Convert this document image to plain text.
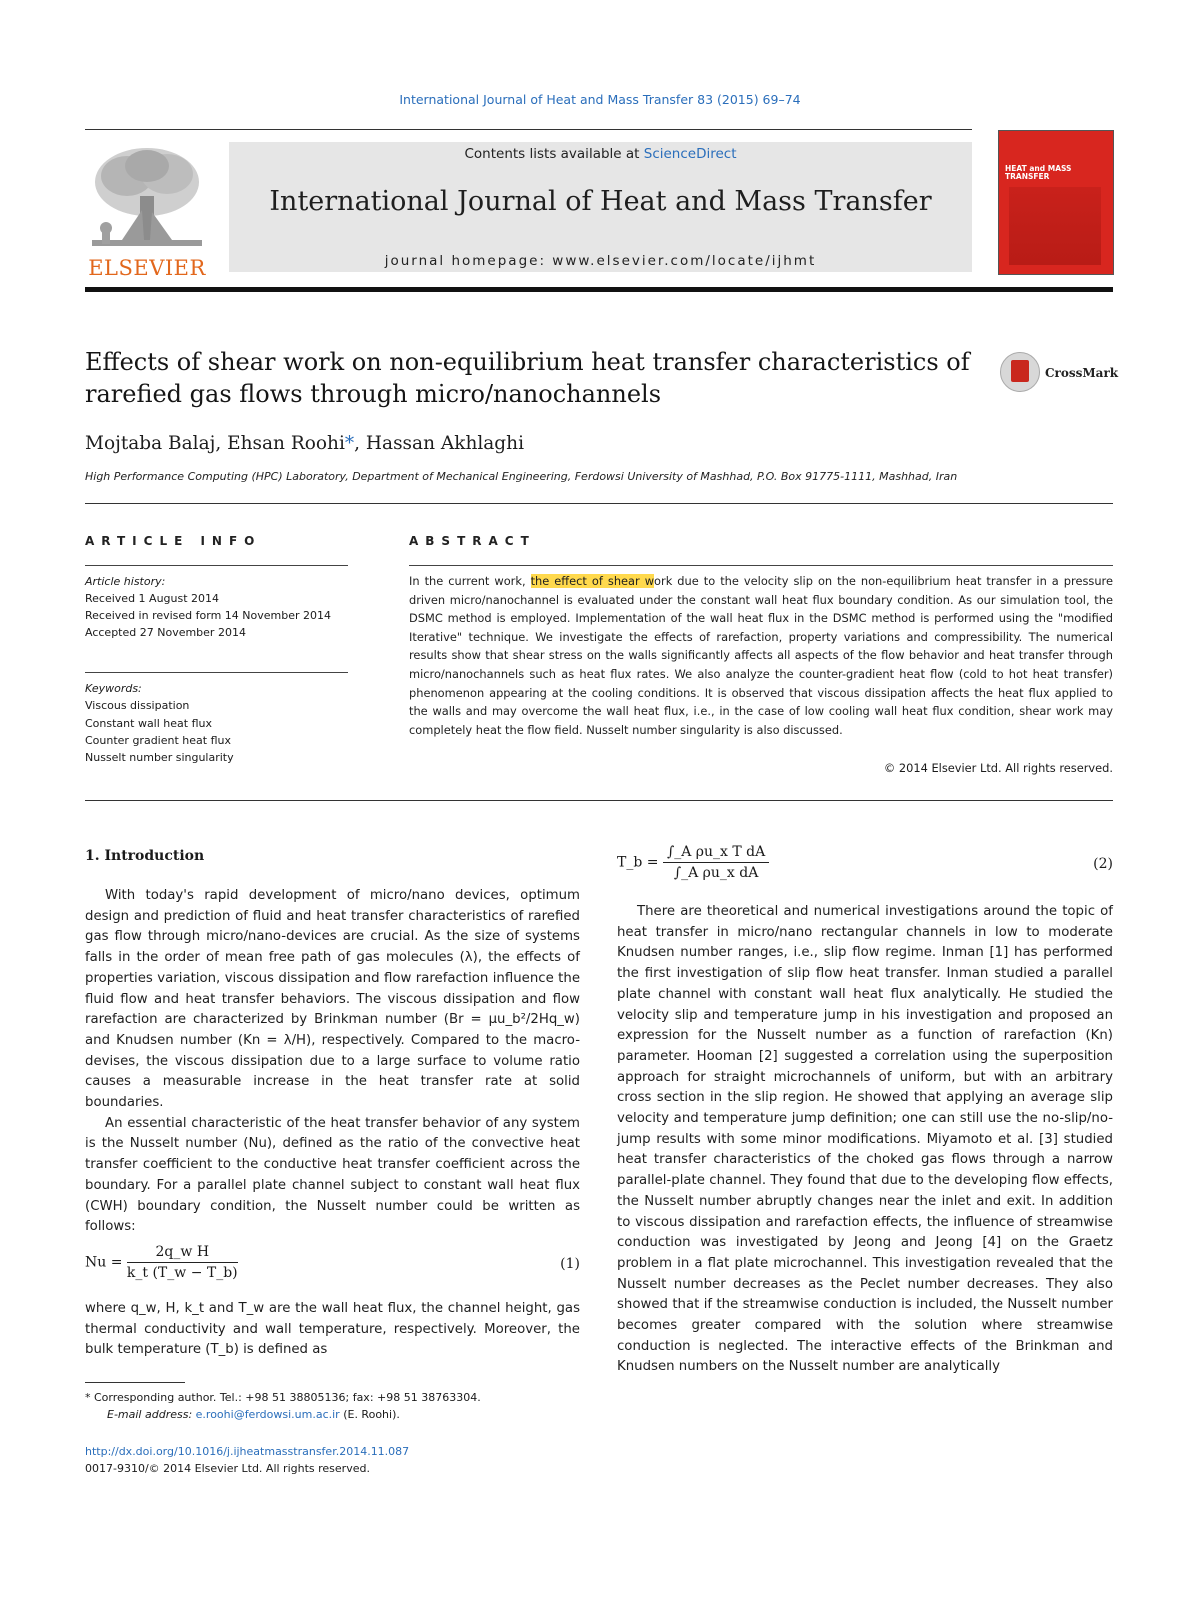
International Journal of Heat and Mass Transfer 83 (2015) 69–74
ELSEVIER
Contents lists available at ScienceDirect
International Journal of Heat and Mass Transfer
journal homepage: www.elsevier.com/locate/ijhmt
HEAT and MASS TRANSFER
Effects of shear work on non-equilibrium heat transfer characteristics of rarefied gas flows through micro/nanochannels
CrossMark
Mojtaba Balaj, Ehsan Roohi*, Hassan Akhlaghi
High Performance Computing (HPC) Laboratory, Department of Mechanical Engineering, Ferdowsi University of Mashhad, P.O. Box 91775-1111, Mashhad, Iran
ARTICLE INFO	ABSTRACT
Article history:
Received 1 August 2014
Received in revised form 14 November 2014
Accepted 27 November 2014
Keywords:
Viscous dissipation
Constant wall heat flux
Counter gradient heat flux
Nusselt number singularity
In the current work, the effect of shear work due to the velocity slip on the non-equilibrium heat transfer in a pressure driven micro/nanochannel is evaluated under the constant wall heat flux boundary condition. As our simulation tool, the DSMC method is employed. Implementation of the wall heat flux in the DSMC method is performed using the "modified Iterative" technique. We investigate the effects of rarefaction, property variations and compressibility. The numerical results show that shear stress on the walls significantly affects all aspects of the flow behavior and heat transfer through micro/nanochannels such as heat flux rates. We also analyze the counter-gradient heat flow (cold to hot heat transfer) phenomenon appearing at the cooling conditions. It is observed that viscous dissipation affects the heat flux applied to the walls and may overcome the wall heat flux, i.e., in the case of low cooling wall heat flux condition, shear work may completely heat the flow field. Nusselt number singularity is also discussed.
© 2014 Elsevier Ltd. All rights reserved.
1. Introduction

With today's rapid development of micro/nano devices, optimum design and prediction of fluid and heat transfer characteristics of rarefied gas flow through micro/nano-devices are crucial. As the size of systems falls in the order of mean free path of gas molecules (λ), the effects of properties variation, viscous dissipation and flow rarefaction influence the fluid flow and heat transfer behaviors. The viscous dissipation and flow rarefaction are characterized by Brinkman number (Br = μu_b²/2Hq_w) and Knudsen number (Kn = λ/H), respectively. Compared to the macro-devises, the viscous dissipation due to a large surface to volume ratio causes a measurable increase in the heat transfer rate at solid boundaries.

An essential characteristic of the heat transfer behavior of any system is the Nusselt number (Nu), defined as the ratio of the convective heat transfer coefficient to the conductive heat transfer coefficient across the boundary. For a parallel plate channel subject to constant wall heat flux (CWH) boundary condition, the Nusselt number could be written as follows:

$Nu = \frac{\text{2q\_w H}}{k\_t (T\_w - T\_b)}$	(1)

where q_w, H, k_t and T_w are the wall heat flux, the channel height, gas thermal conductivity and wall temperature, respectively. Moreover, the bulk temperature (T_b) is defined as

* Corresponding author. Tel.: +98 51 38805136; fax: +98 51 38763304.
E-mail address: e.roohi@ferdowsi.um.ac.ir (E. Roohi).
http://dx.doi.org/10.1016/j.ijheatmasstransfer.2014.11.087
0017-9310/© 2014 Elsevier Ltd. All rights reserved.
T_b = $\frac{\text{∫\_A ρu\_x T dA}}{\text{∫\_A ρu\_x dA}}$	(2)

There are theoretical and numerical investigations around the topic of heat transfer in micro/nano rectangular channels in low to moderate Knudsen number ranges, i.e., slip flow regime. Inman [1] has performed the first investigation of slip flow heat transfer. Inman studied a parallel plate channel with constant wall heat flux analytically. He studied the velocity slip and temperature jump in his investigation and proposed an expression for the Nusselt number as a function of rarefaction (Kn) parameter. Hooman [2] suggested a correlation using the superposition approach for straight microchannels of uniform, but with an arbitrary cross section in the slip region. He showed that applying an average slip velocity and temperature jump definition; one can still use the no-slip/no-jump results with some minor modifications. Miyamoto et al. [3] studied heat transfer characteristics of the choked gas flows through a narrow parallel-plate channel. They found that due to the developing flow effects, the Nusselt number abruptly changes near the inlet and exit. In addition to viscous dissipation and rarefaction effects, the influence of streamwise conduction was investigated by Jeong and Jeong [4] on the Graetz problem in a flat plate microchannel. This investigation revealed that the Nusselt number decreases as the Peclet number decreases. They also showed that if the streamwise conduction is included, the Nusselt number becomes greater compared with the solution where streamwise conduction is neglected. The interactive effects of the Brinkman and Knudsen numbers on the Nusselt number are analytically
